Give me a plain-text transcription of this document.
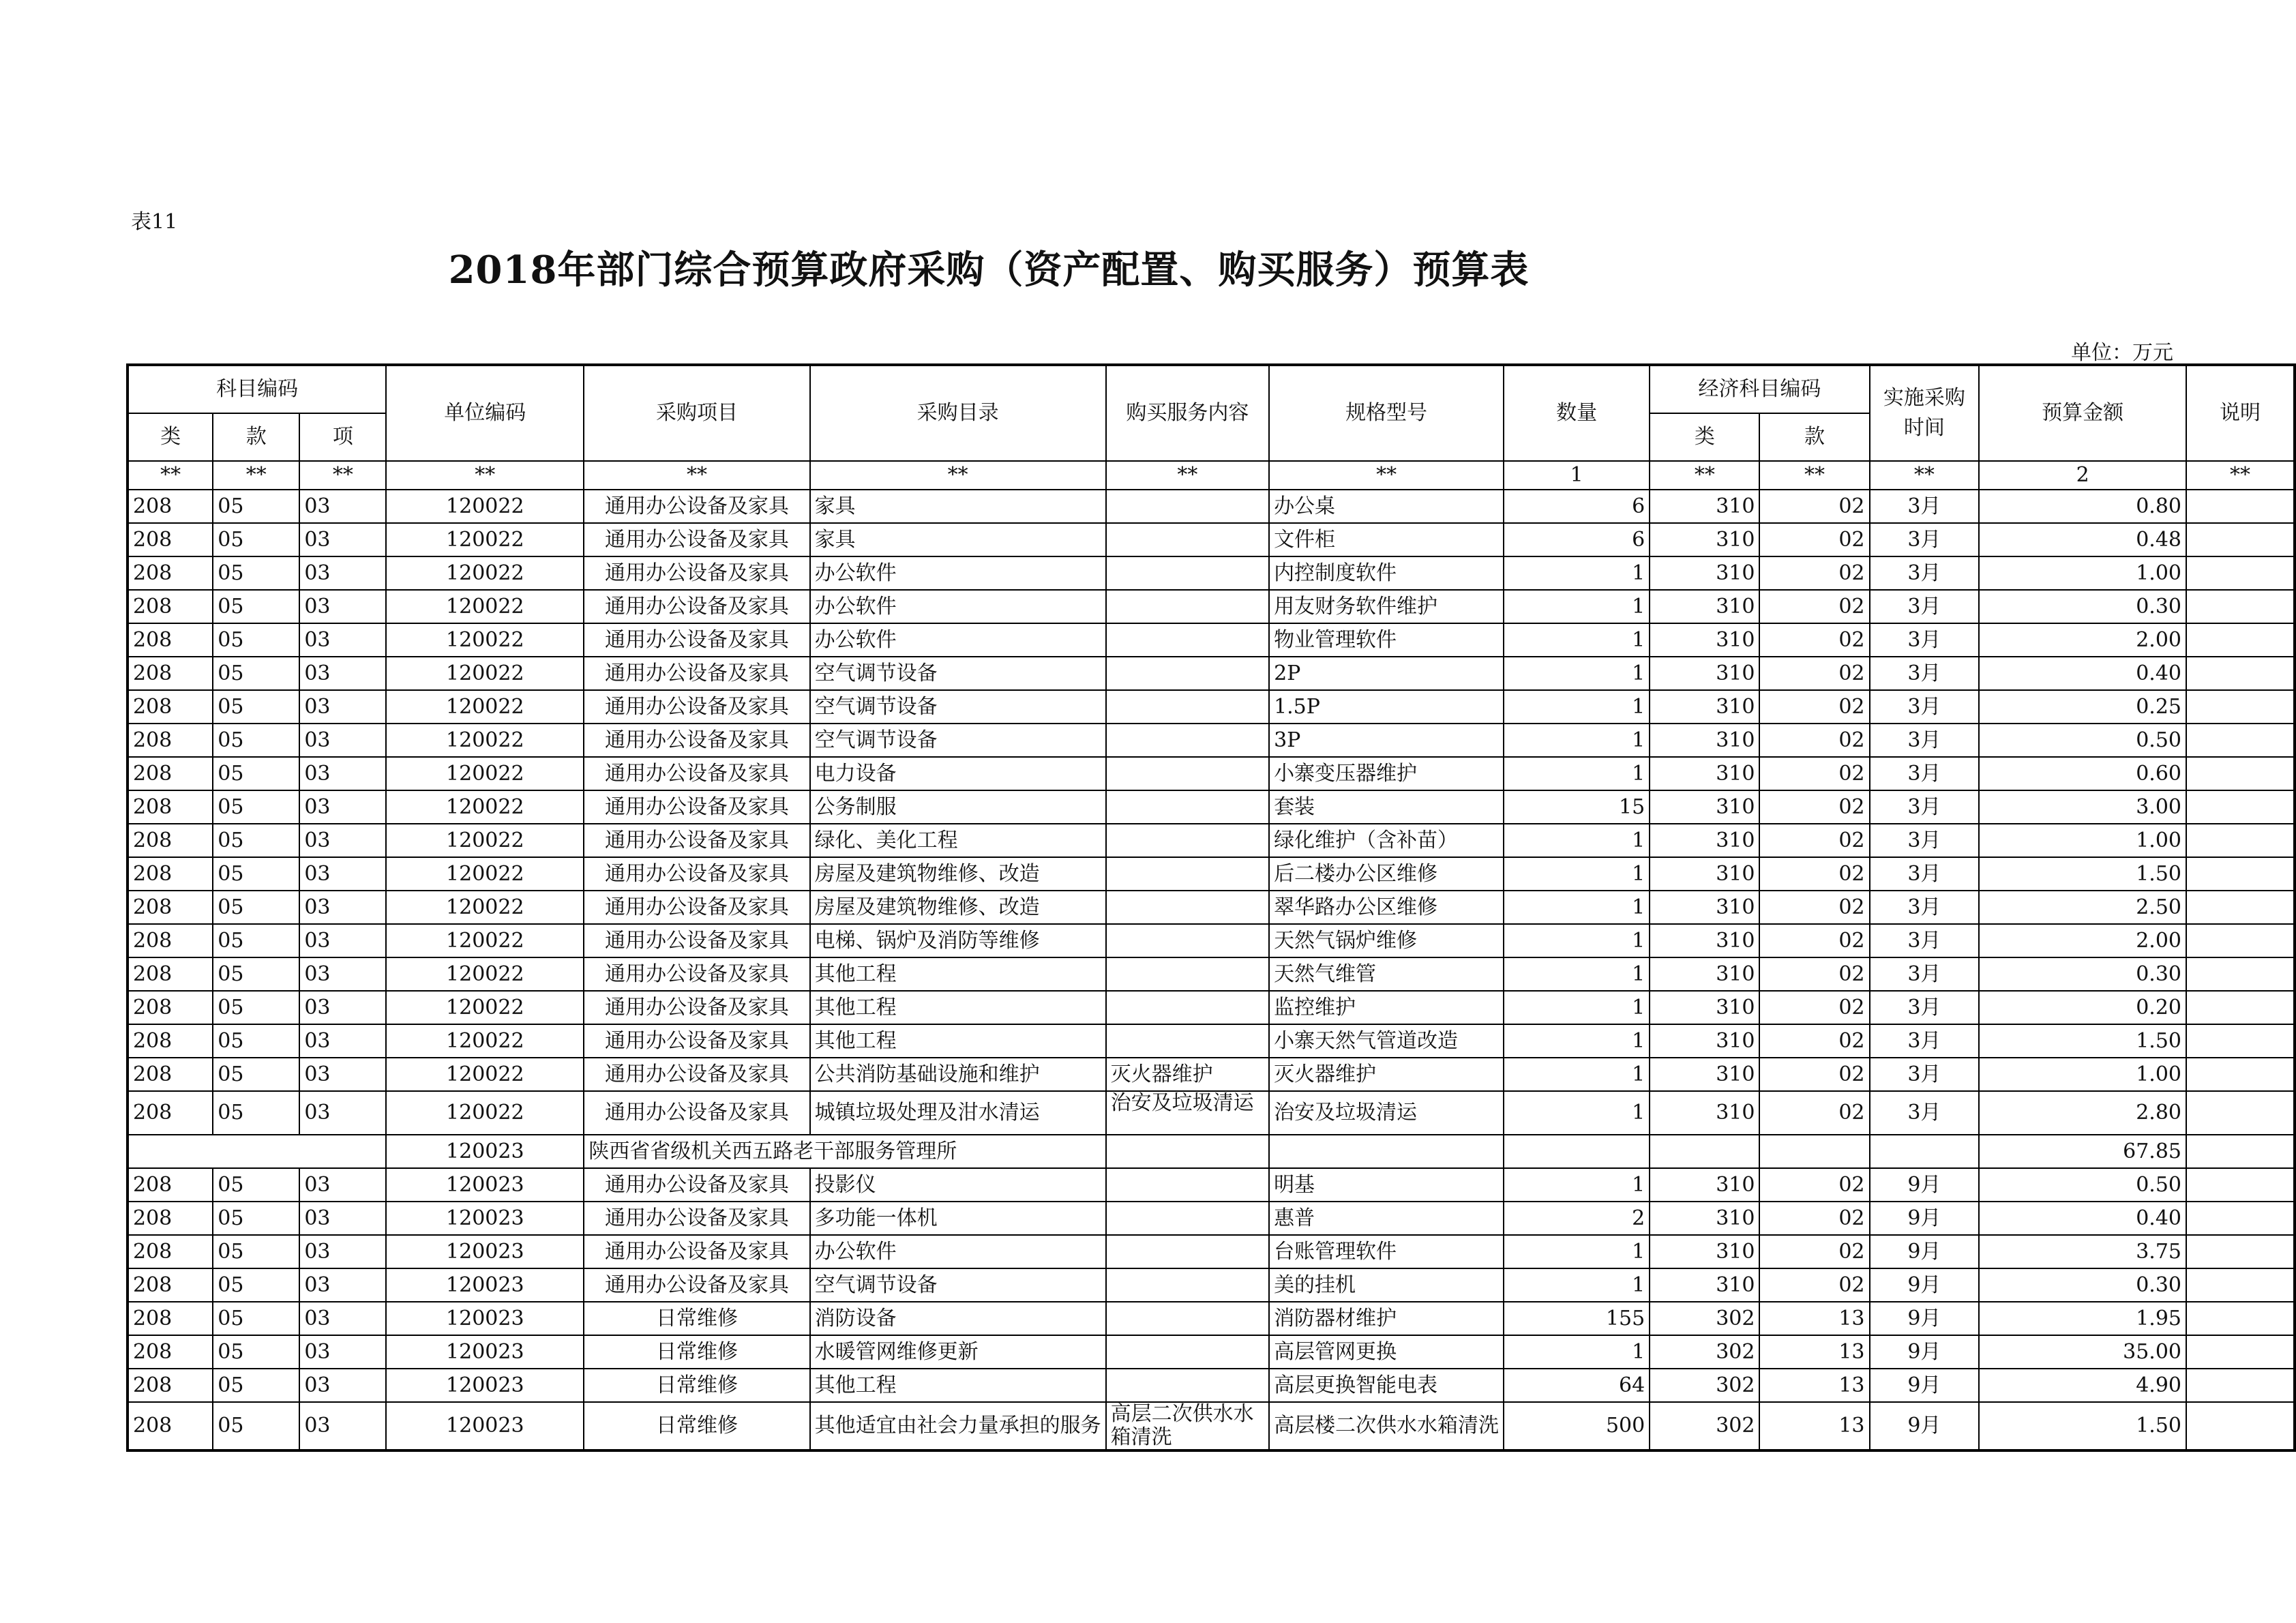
表11
2018年部门综合预算政府采购（资产配置、购买服务）预算表
单位：万元
科目编码			单位编码	采购项目	采购目录	购买服务内容	规格型号	数量	经济科目编码		实施采购时间	预算金额	说明
类	款	项							类	款			
**	**	**	**	**	**	**	**	1	**	**	**	2	**
208	05	03	120022	通用办公设备及家具	家具		办公桌	6	310	02	3月	0.80	
208	05	03	120022	通用办公设备及家具	家具		文件柜	6	310	02	3月	0.48	
208	05	03	120022	通用办公设备及家具	办公软件		内控制度软件	1	310	02	3月	1.00	
208	05	03	120022	通用办公设备及家具	办公软件		用友财务软件维护	1	310	02	3月	0.30	
208	05	03	120022	通用办公设备及家具	办公软件		物业管理软件	1	310	02	3月	2.00	
208	05	03	120022	通用办公设备及家具	空气调节设备		2P	1	310	02	3月	0.40	
208	05	03	120022	通用办公设备及家具	空气调节设备		1.5P	1	310	02	3月	0.25	
208	05	03	120022	通用办公设备及家具	空气调节设备		3P	1	310	02	3月	0.50	
208	05	03	120022	通用办公设备及家具	电力设备		小寨变压器维护	1	310	02	3月	0.60	
208	05	03	120022	通用办公设备及家具	公务制服		套装	15	310	02	3月	3.00	
208	05	03	120022	通用办公设备及家具	绿化、美化工程		绿化维护（含补苗）	1	310	02	3月	1.00	
208	05	03	120022	通用办公设备及家具	房屋及建筑物维修、改造		后二楼办公区维修	1	310	02	3月	1.50	
208	05	03	120022	通用办公设备及家具	房屋及建筑物维修、改造		翠华路办公区维修	1	310	02	3月	2.50	
208	05	03	120022	通用办公设备及家具	电梯、锅炉及消防等维修		天然气锅炉维修	1	310	02	3月	2.00	
208	05	03	120022	通用办公设备及家具	其他工程		天然气维管	1	310	02	3月	0.30	
208	05	03	120022	通用办公设备及家具	其他工程		监控维护	1	310	02	3月	0.20	
208	05	03	120022	通用办公设备及家具	其他工程		小寨天然气管道改造	1	310	02	3月	1.50	
208	05	03	120022	通用办公设备及家具	公共消防基础设施和维护	灭火器维护	灭火器维护	1	310	02	3月	1.00	
208	05	03	120022	通用办公设备及家具	城镇垃圾处理及泔水清运	治安及垃圾清运	治安及垃圾清运	1	310	02	3月	2.80	
			120023	陕西省省级机关西五路老干部服务管理所								67.85	
208	05	03	120023	通用办公设备及家具	投影仪		明基	1	310	02	9月	0.50	
208	05	03	120023	通用办公设备及家具	多功能一体机		惠普	2	310	02	9月	0.40	
208	05	03	120023	通用办公设备及家具	办公软件		台账管理软件	1	310	02	9月	3.75	
208	05	03	120023	通用办公设备及家具	空气调节设备		美的挂机	1	310	02	9月	0.30	
208	05	03	120023	日常维修	消防设备		消防器材维护	155	302	13	9月	1.95	
208	05	03	120023	日常维修	水暖管网维修更新		高层管网更换	1	302	13	9月	35.00	
208	05	03	120023	日常维修	其他工程		高层更换智能电表	64	302	13	9月	4.90	
208	05	03	120023	日常维修	其他适宜由社会力量承担的服务	高层二次供水水箱清洗	高层楼二次供水水箱清洗	500	302	13	9月	1.50	
